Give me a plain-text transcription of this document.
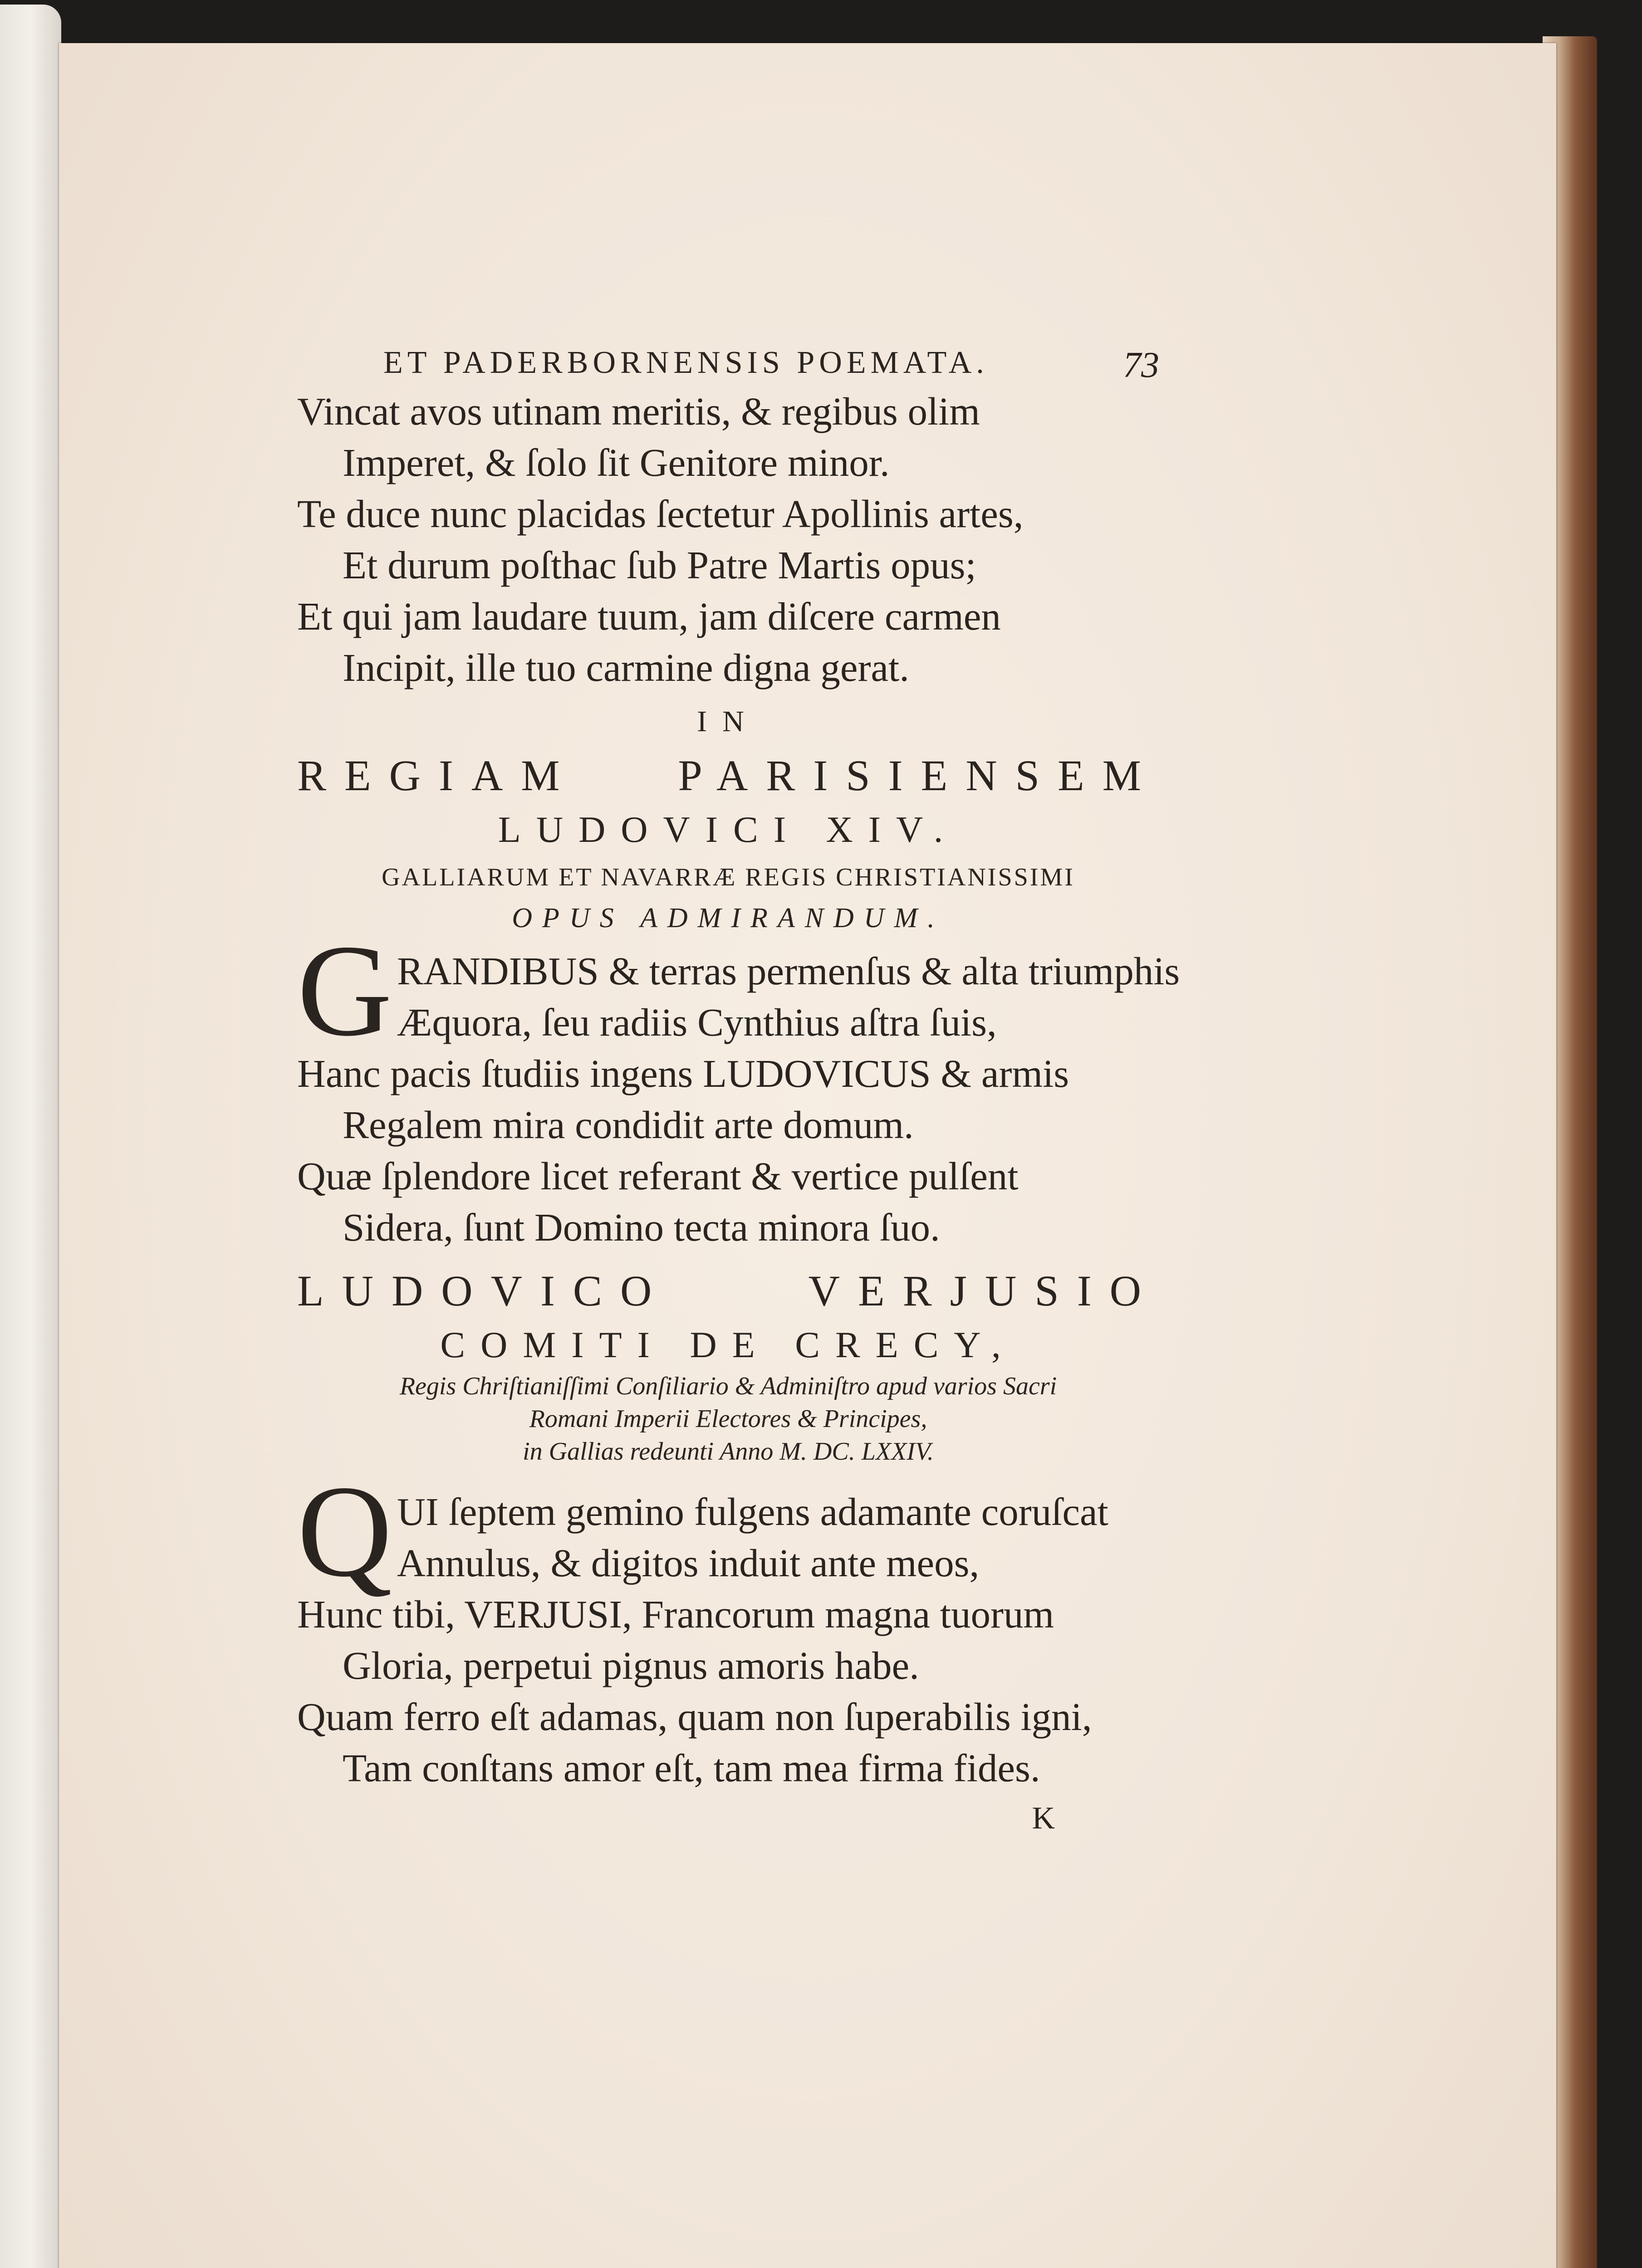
ET PADERBORNENSIS POEMATA.	73
Vincat avos utinam meritis, & regibus olim
Imperet, & ſolo ſit Genitore minor.
Te duce nunc placidas ſectetur Apollinis artes,
Et durum poſthac ſub Patre Martis opus;
Et qui jam laudare tuum, jam diſcere carmen
Incipit, ille tuo carmine digna gerat.
IN
REGIAM PARISIENSEM
LUDOVICI XIV.
GALLIARUM ET NAVARRÆ REGIS CHRISTIANISSIMI
OPUS ADMIRANDUM.
G RANDIBUS & terras permenſus & alta triumphis
Æquora, ſeu radiis Cynthius aſtra ſuis,
Hanc pacis ſtudiis ingens LUDOVICUS & armis
Regalem mira condidit arte domum.
Quæ ſplendore licet referant & vertice pulſent
Sidera, ſunt Domino tecta minora ſuo.
LUDOVICO VERJUSIO
COMITI DE CRECY,
Regis Chriſtianiſſimi Conſiliario & Adminiſtro apud varios Sacri
Romani Imperii Electores & Principes,
in Gallias redeunti Anno M. DC. LXXIV.
Q UI ſeptem gemino fulgens adamante coruſcat
Annulus, & digitos induit ante meos,
Hunc tibi, VERJUSI, Francorum magna tuorum
Gloria, perpetui pignus amoris habe.
Quam ferro eſt adamas, quam non ſuperabilis igni,
Tam conſtans amor eſt, tam mea firma fides.
K
